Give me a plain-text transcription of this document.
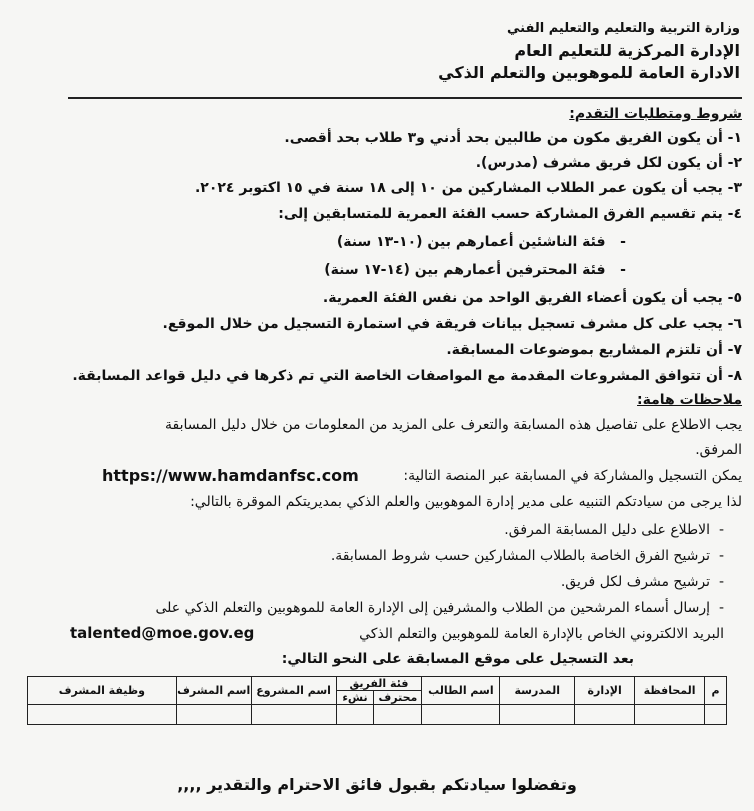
وزارة التربية والتعليم والتعليم الفني
الإدارة المركزية للتعليم العام
الادارة العامة للموهوبين والتعلم الذكي
شروط ومتطلبات التقدم:
١- أن يكون الفريق مكون من طالبين بحد أدني و٣ طلاب بحد أقصى.
٢- أن يكون لكل فريق مشرف (مدرس).
٣- يجب أن يكون عمر الطلاب المشاركين من ١٠ إلى ١٨ سنة في ١٥ اكتوبر ٢٠٢٤.
٤- يتم تقسيم الفرق المشاركة حسب الفئة العمرية للمتسابقين إلى:
-   فئة الناشئين أعمارهم بين (١٠-١٣ سنة)
-   فئة المحترفين أعمارهم بين (١٤-١٧ سنة)
٥- يجب أن يكون أعضاء الفريق الواحد من نفس الفئة العمرية.
٦- يجب على كل مشرف تسجيل بيانات فريقة في استمارة التسجيل من خلال الموقع.
٧- أن تلتزم المشاريع بموضوعات المسابقة.
٨- أن تتوافق المشروعات المقدمة مع المواصفات الخاصة التي تم ذكرها في دليل قواعد المسابقة.
ملاحظات هامة:
يجب الاطلاع على تفاصيل هذه المسابقة والتعرف على المزيد من المعلومات من خلال دليل المسابقة
المرفق.
يمكن التسجيل والمشاركة في المسابقة عبر المنصة التالية:
https://www.hamdanfsc.com
لذا يرجى من سيادتكم التنبيه على مدير إدارة الموهوبين والعلم الذكي بمديريتكم الموقرة بالتالي:
-  الاطلاع على دليل المسابقة المرفق.
-  ترشيح الفرق الخاصة بالطلاب المشاركين حسب شروط المسابقة.
-  ترشيح مشرف لكل فريق.
-  إرسال أسماء المرشحين من الطلاب والمشرفين إلى الإدارة العامة للموهوبين والتعلم الذكي على
البريد الالكتروني الخاص بالإدارة العامة للموهوبين والتعلم الذكي
talented@moe.gov.eg
بعد التسجيل على موقع المسابقة على النحو التالي:
م	المحافظة	الإدارة	المدرسة	اسم الطالب	فئة الفريق		اسم المشروع	اسم المشرف	وظيفة المشرف
					محترف	نشء			

وتفضلوا سيادتكم بقبول فائق الاحترام والتقدير ,,,,
